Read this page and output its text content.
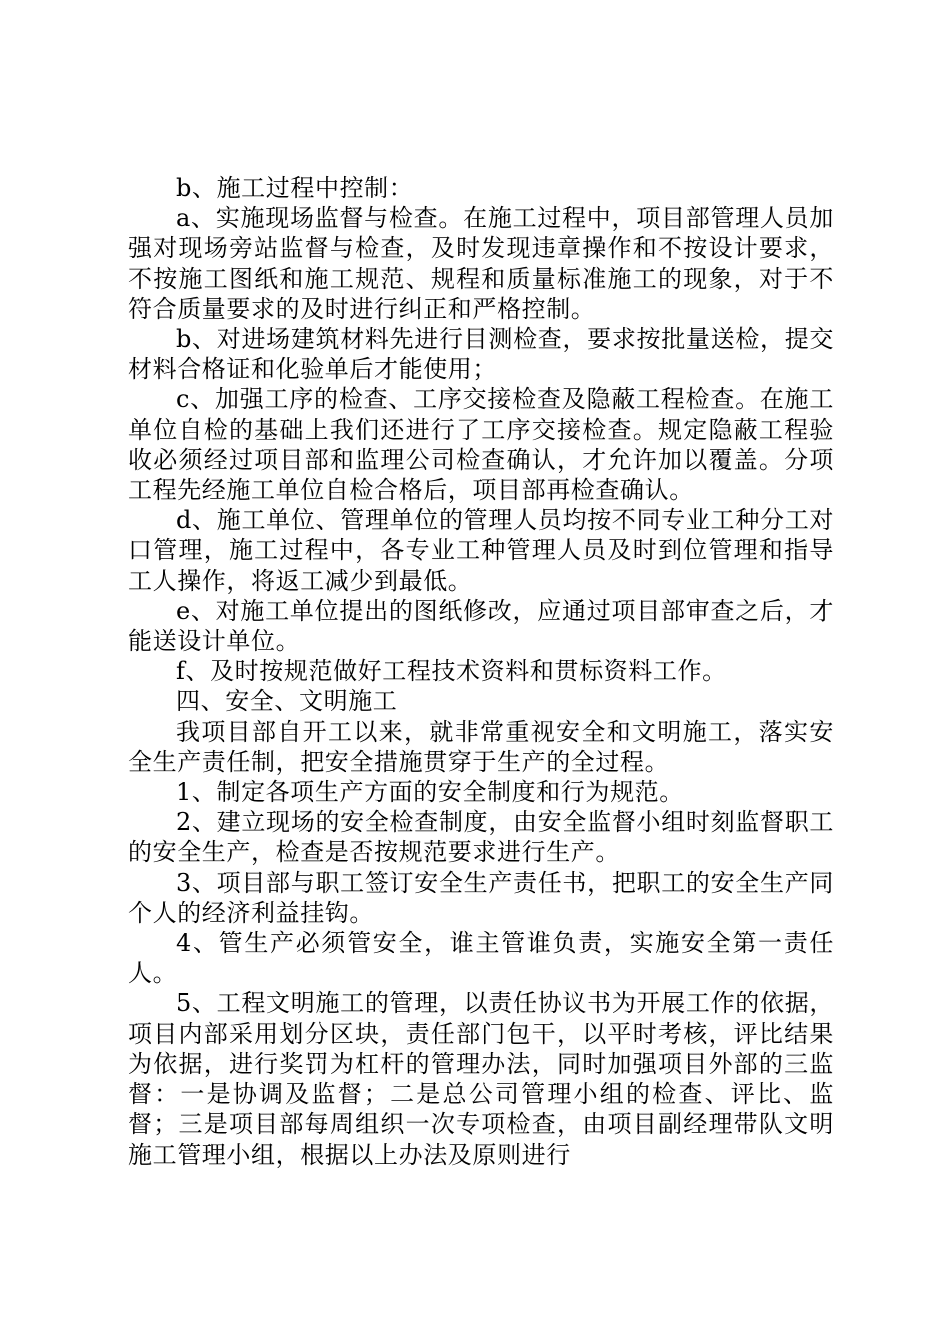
b、施工过程中控制：

a、实施现场监督与检查。在施工过程中，项目部管理人员加强对现场旁站监督与检查，及时发现违章操作和不按设计要求，不按施工图纸和施工规范、规程和质量标准施工的现象，对于不符合质量要求的及时进行纠正和严格控制。

b、对进场建筑材料先进行目测检查，要求按批量送检，提交材料合格证和化验单后才能使用；

c、加强工序的检查、工序交接检查及隐蔽工程检查。在施工单位自检的基础上我们还进行了工序交接检查。规定隐蔽工程验收必须经过项目部和监理公司检查确认，才允许加以覆盖。分项工程先经施工单位自检合格后，项目部再检查确认。

d、施工单位、管理单位的管理人员均按不同专业工种分工对口管理，施工过程中，各专业工种管理人员及时到位管理和指导工人操作，将返工减少到最低。

e、对施工单位提出的图纸修改，应通过项目部审查之后，才能送设计单位。

f、及时按规范做好工程技术资料和贯标资料工作。

四、安全、文明施工

我项目部自开工以来，就非常重视安全和文明施工，落实安全生产责任制，把安全措施贯穿于生产的全过程。

1、制定各项生产方面的安全制度和行为规范。

2、建立现场的安全检查制度，由安全监督小组时刻监督职工的安全生产，检查是否按规范要求进行生产。

3、项目部与职工签订安全生产责任书，把职工的安全生产同个人的经济利益挂钩。

4、管生产必须管安全，谁主管谁负责，实施安全第一责任人。

5、工程文明施工的管理，以责任协议书为开展工作的依据，项目内部采用划分区块，责任部门包干，以平时考核，评比结果为依据，进行奖罚为杠杆的管理办法，同时加强项目外部的三监督：一是协调及监督；二是总公司管理小组的检查、评比、监督；三是项目部每周组织一次专项检查，由项目副经理带队文明施工管理小组，根据以上办法及原则进行
